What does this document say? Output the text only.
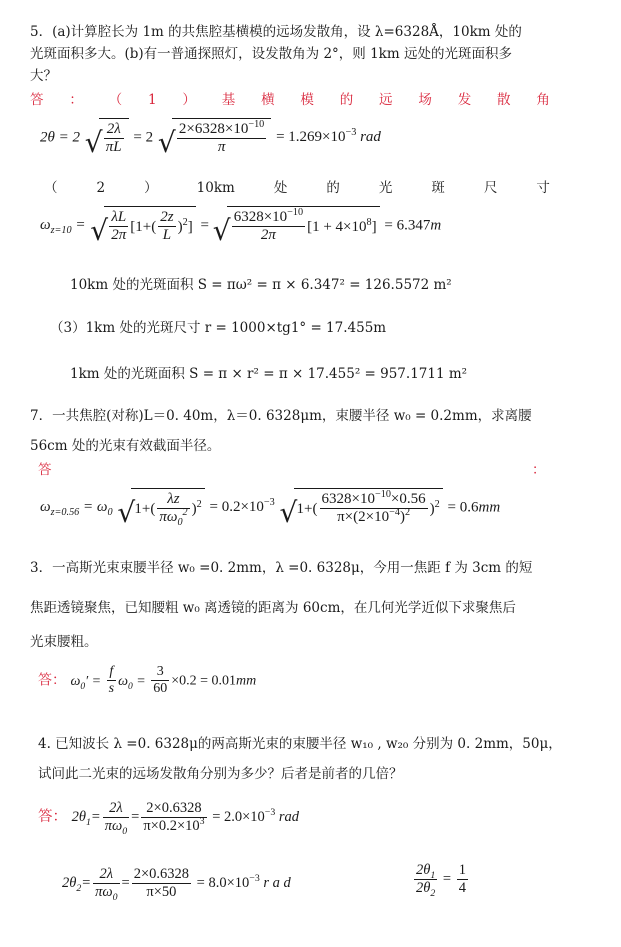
5．(a)计算腔长为 1m 的共焦腔基横模的远场发散角，设 λ=6328Å，10km 处的
光斑面积多大。(b)有一普通探照灯，设发散角为 2°，则 1km 远处的光斑面积多
大？
答 ： （ 1 ） 基 横 模 的 远 场 发 散 角
2θ = 2 √ $\frac{2\lambda}{\pi L} = 2$ √ $\frac{2\times 6328\times 10^{-10}}{\pi} = 1.269\times 10^{-3}$ rad
（	2	）	10km	处	的	光	斑	尺	寸
$\omega_{z=10}$ = √ $\frac{\lambda L}{2\pi} [1+( \frac{2z}{L} )^2]$ = √ $\frac{6328\times 10^{-10}}{2\pi} [1 + 4\times 10^8] = 6.347m$
10km 处的光斑面积 S = πω² = π × 6.347² = 126.5572 m²
（3）1km 处的光斑尺寸 r = 1000×tg1° = 17.455m
1km 处的光斑面积 S = π × r² = π × 17.455² = 957.1711 m²
7．一共焦腔(对称)L＝0. 40m，λ＝0. 6328μm，束腰半径 w₀ = 0.2mm，求离腰
56cm 处的光束有效截面半径。
答	：
$\omega_{z=0.56} = \omega_0$ √ $1+( \frac{\lambda z}{\pi\omega_0^2} )^2 = 0.2\times 10^{-3}$ √ $1+( \frac{6328\times 10^{-10}\times 0.56}{\pi\times(2\times 10^{-4})^2} )^2 = 0.6mm$
3．一高斯光束束腰半径 w₀ =0. 2mm，λ =0. 6328μ，今用一焦距 f 为 3cm 的短
焦距透镜聚焦，已知腰粗 w₀ 离透镜的距离为 60cm，在几何光学近似下求聚焦后
光束腰粗。
答： $\omega_0' = \frac{f}{s} \omega_0 = \frac{3}{60} \times 0.2 = 0.01mm$
4. 已知波长 λ =0. 6328μ的两高斯光束的束腰半径 w₁₀ , w₂₀ 分别为 0. 2mm，50μ，
试问此二光束的远场发散角分别为多少？后者是前者的几倍？
答： $2\theta_1= \frac{2\lambda}{\pi\omega_0} = \frac{2\times 0.6328}{\pi\times 0.2\times 10^3} = 2.0\times 10^{-3}$ rad
$2\theta_2= \frac{2\lambda}{\pi\omega_0} = \frac{2\times 0.6328}{\pi\times 50} = 8.0\times 10^{-3}$ r a d	$\frac{2\theta_1}{2\theta_2} = \frac{1}{4}$
